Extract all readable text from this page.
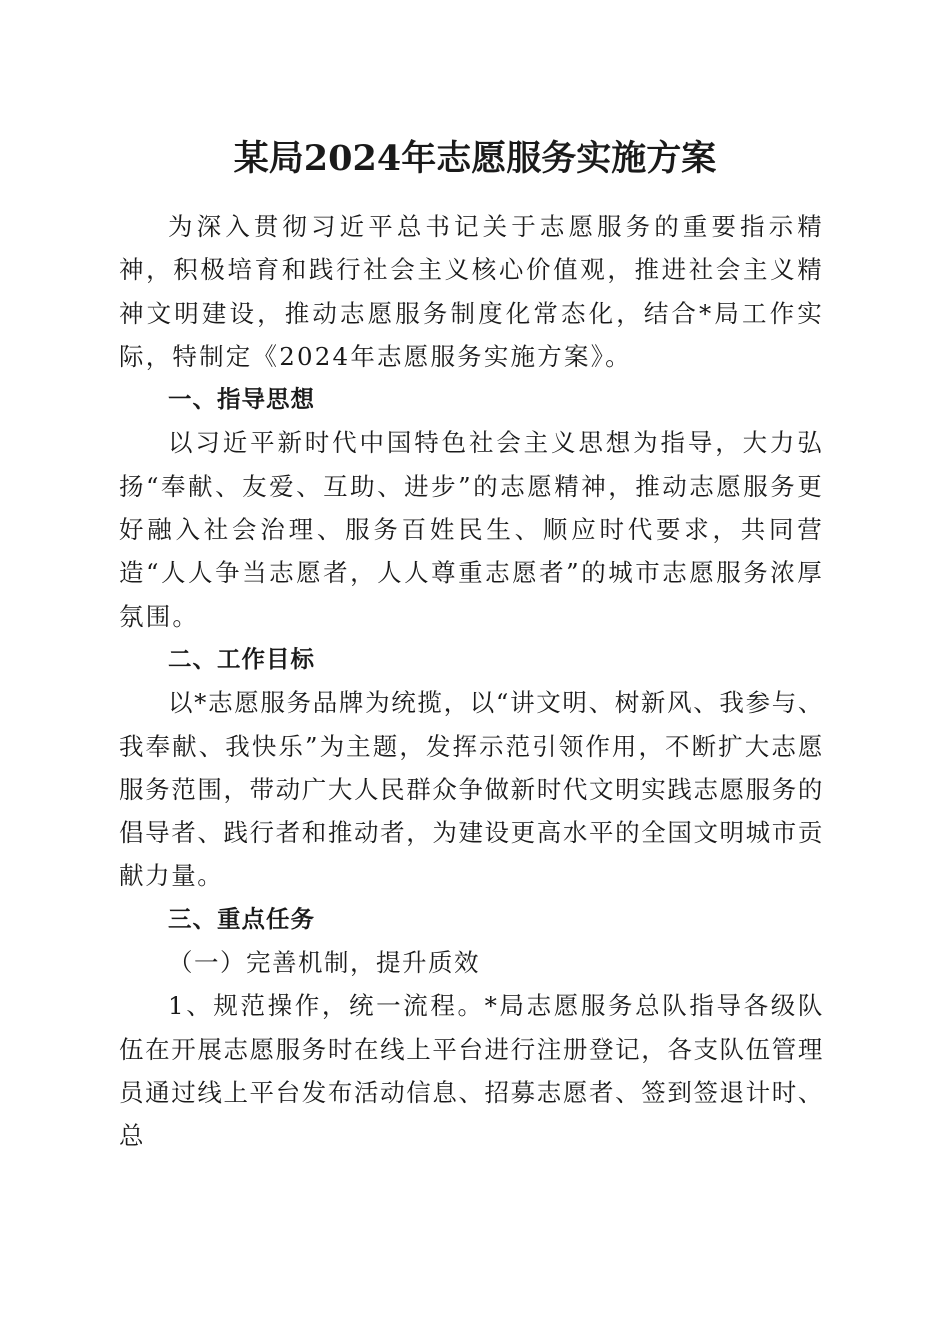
某局2024年志愿服务实施方案

为深入贯彻习近平总书记关于志愿服务的重要指示精神，积极培育和践行社会主义核心价值观，推进社会主义精神文明建设，推动志愿服务制度化常态化，结合*局工作实际，特制定《2024年志愿服务实施方案》。

一、指导思想

以习近平新时代中国特色社会主义思想为指导，大力弘扬“奉献、友爱、互助、进步”的志愿精神，推动志愿服务更好融入社会治理、服务百姓民生、顺应时代要求，共同营造“人人争当志愿者，人人尊重志愿者”的城市志愿服务浓厚氛围。

二、工作目标

以*志愿服务品牌为统揽，以“讲文明、树新风、我参与、我奉献、我快乐”为主题，发挥示范引领作用，不断扩大志愿服务范围，带动广大人民群众争做新时代文明实践志愿服务的倡导者、践行者和推动者，为建设更高水平的全国文明城市贡献力量。

三、重点任务

（一）完善机制，提升质效

1、规范操作，统一流程。*局志愿服务总队指导各级队伍在开展志愿服务时在线上平台进行注册登记，各支队伍管理员通过线上平台发布活动信息、招募志愿者、签到签退计时、总
